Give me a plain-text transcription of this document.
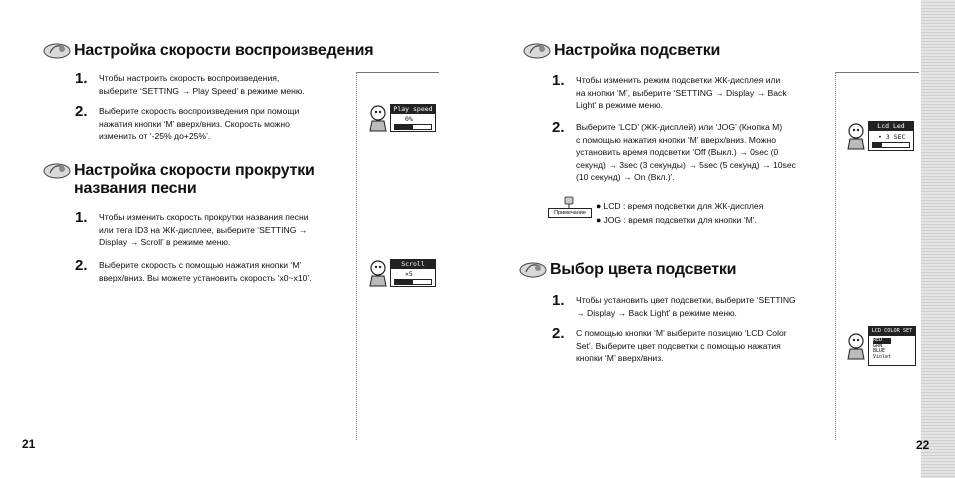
Настройка скорости воспроизведения
1.	Чтобы настроить скорость воспроизведения,
выберите ‘SETTING → Play Speed’ в режиме меню.
2.	Выберите скорость воспроизведения при помощи
нажатия кнопки ‘M’ вверх/вниз. Скорость можно
изменить от ‘-25% до+25%’.
Настройка скорости прокрутки
названия песни
1.	Чтобы изменить скорость прокрутки названия песни
или тега ID3 на ЖК-дисплее, выберите ‘SETTING →
Display → Scroll’ в режиме меню.
2.	Выберите скорость с помощью нажатия кнопки ‘M’
вверх/вниз. Вы можете установить скорость ‘x0~x10’.
Play speed
0%
Scroll
×5
21
Настройка подсветки
1.	Чтобы изменить режим подсветки ЖК-дисплея или
на кнопки ‘M’, выберите ‘SETTING → Display → Back
Light’ в режиме меню.
2.	Выберите ‘LCD’ (ЖК-дисплей) или ‘JOG’ (Кнопка M)
с помощью нажатия кнопки ‘M’ вверх/вниз. Можно
установить время подсветки ‘Off (Выкл.) → 0sec (0
секунд) → 3sec (3 секунды) → 5sec (5 секунд) → 10sec
(10 секунд) → On (Вкл.)’.
Примечание
● LCD : время подсветки для ЖК-дисплея
● JOG : время подсветки для кнопки ‘M’.
Выбор цвета подсветки
1.	Чтобы установить цвет подсветки, выберите ‘SETTING
→ Display → Back Light’ в режиме меню.
2.	С помощью кнопки ‘M’ выберите позицию ‘LCD Color
Set’. Выберите цвет подсветки с помощью нажатия
кнопки ‘M’ вверх/вниз.
Lcd Led
• 3 SEC
LCD COLOR SET
RED
GRN
BLUE
Violet
22
